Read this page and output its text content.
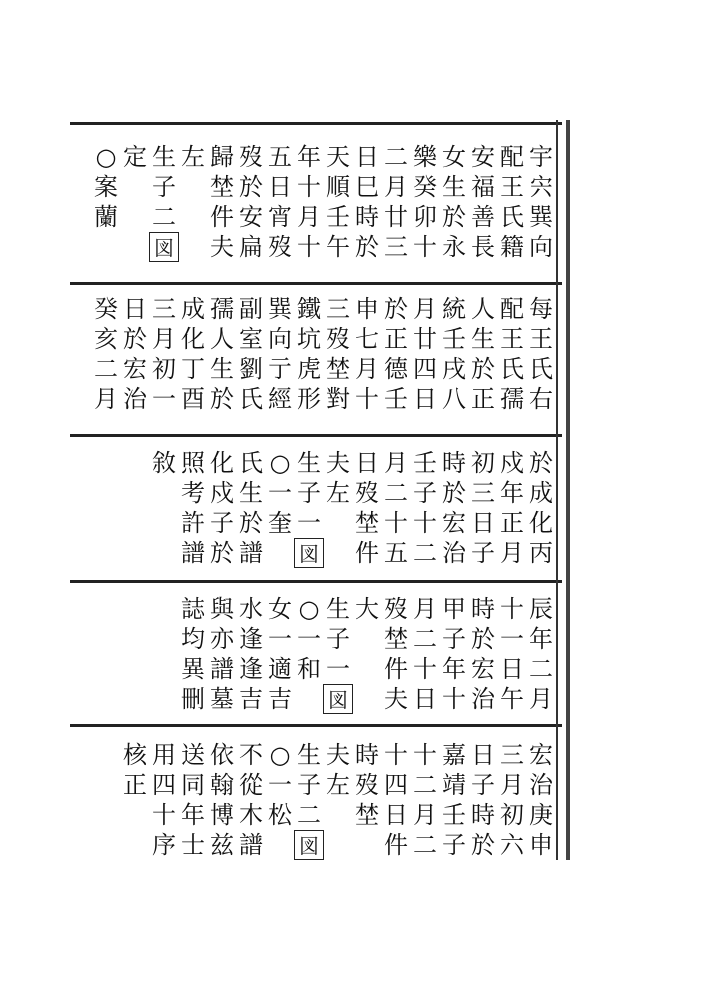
宇
宍
巽
向
配
王
氏
籍
安
福
善
長
女
生
於
永
樂
癸
卯
十
二
月
廿
三
日
巳
時
於
天
順
壬
午
年
十
月
十
五
日
宵
歿
歿
於
安
扁
歸
埜
件
夫
左
生
子
二
図
定
○
案
蘭
每
王
氏
右
配
王
氏
孺
人
生
於
正
統
壬
戌
八
月
廿
四
日
於
正
德
壬
申
七
月
十
三
歿
埜
對
鐵
坑
虎
形
巽
向
亍
經
副
室
劉
氏
孺
人
生
於
成
化
丁
酉
三
月
初
一
日
於
宏
治
癸
亥
二
月
於
成
化
丙
戍
年
正
月
初
三
日
子
時
於
宏
治
壬
子
十
二
月
二
十
五
日
歿
埜
件
夫
左
生
子
一
図
○
一
奎
氏
生
於
譜
化
戍
子
於
照
考
許
譜
敘
辰
年
二
月
十
一
日
午
時
於
宏
治
甲
子
年
十
月
二
十
日
歿
埜
件
夫
大
生
子
一
図
○
一
和
女
一
適
吉
水
逢
逢
吉
與
亦
譜
墓
誌
均
異
刪
宏
治
庚
申
三
月
初
六
日
子
時
於
嘉
靖
壬
子
十
二
月
二
十
四
日
件
時
歿
埜
夫
左
生
子
二
図
○
一
松
不
從
木
譜
依
翰
博
兹
送
同
年
士
用
四
十
序
核
正
